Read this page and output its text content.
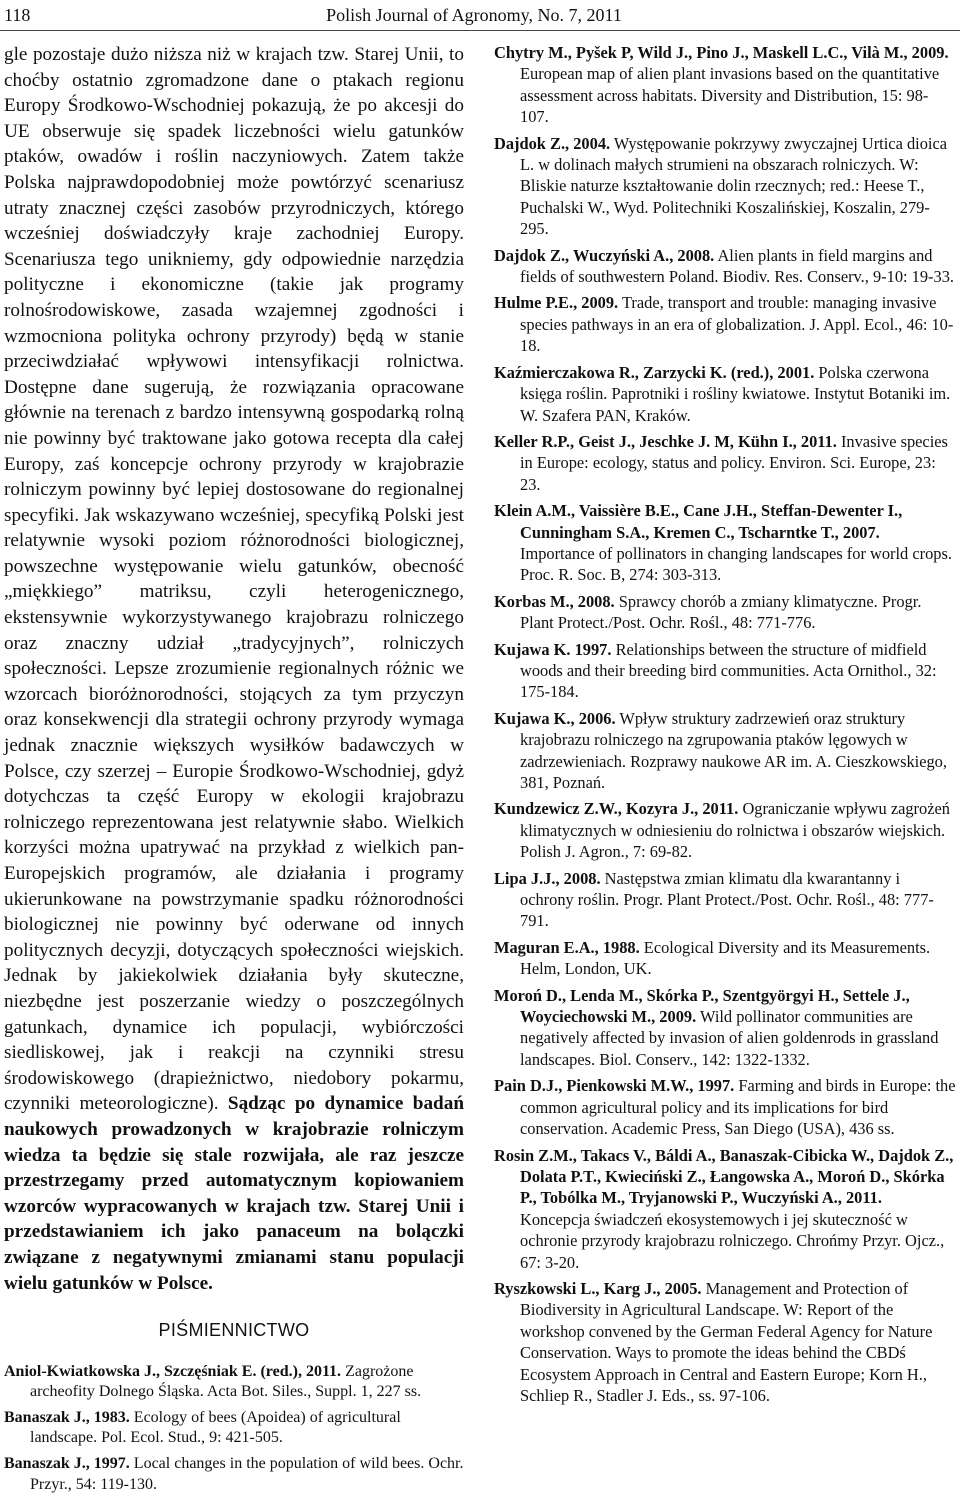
118	Polish Journal of Agronomy, No. 7, 2011

gle pozostaje dużo niższa niż w krajach tzw. Starej Unii, to choćby ostatnio zgromadzone dane o ptakach regionu Europy Środkowo-Wschodniej pokazują, że po akcesji do UE obserwuje się spadek liczebności wielu gatunków ptaków, owadów i roślin naczyniowych. Zatem także Polska najprawdopodobniej może powtórzyć scenariusz utraty znacznej części zasobów przyrodniczych, którego wcześniej doświadczyły kraje zachodniej Europy. Scenariusza tego unikniemy, gdy odpowiednie narzędzia polityczne i ekonomiczne (takie jak programy rolnośrodowiskowe, zasada wzajemnej zgodności i wzmocniona polityka ochrony przyrody) będą w stanie przeciwdziałać wpływowi intensyfikacji rolnictwa. Dostępne dane sugerują, że rozwiązania opracowane głównie na terenach z bardzo intensywną gospodarką rolną nie powinny być traktowane jako gotowa recepta dla całej Europy, zaś koncepcje ochrony przyrody w krajobrazie rolniczym powinny być lepiej dostosowane do regionalnej specyfiki. Jak wskazywano wcześniej, specyfiką Polski jest relatywnie wysoki poziom różnorodności biologicznej, powszechne występowanie wielu gatunków, obecność „miękkiego” matriksu, czyli heterogenicznego, ekstensywnie wykorzystywanego krajobrazu rolniczego oraz znaczny udział „tradycyjnych”, rolniczych społeczności. Lepsze zrozumienie regionalnych różnic we wzorcach bioróżnorodności, stojących za tym przyczyn oraz konsekwencji dla strategii ochrony przyrody wymaga jednak znacznie większych wysiłków badawczych w Polsce, czy szerzej – Europie Środkowo-Wschodniej, gdyż dotychczas ta część Europy w ekologii krajobrazu rolniczego reprezentowana jest relatywnie słabo. Wielkich korzyści można upatrywać na przykład z wielkich pan-Europejskich programów, ale działania i programy ukierunkowane na powstrzymanie spadku różnorodności biologicznej nie powinny być oderwane od innych politycznych decyzji, dotyczących społeczności wiejskich. Jednak by jakiekolwiek działania były skuteczne, niezbędne jest poszerzanie wiedzy o poszczególnych gatunkach, dynamice ich populacji, wybiórczości siedliskowej, jak i reakcji na czynniki stresu środowiskowego (drapieżnictwo, niedobory pokarmu, czynniki meteorologiczne). Sądząc po dynamice badań naukowych prowadzonych w krajobrazie rolniczym wiedza ta będzie się stale rozwijała, ale raz jeszcze przestrzegamy przed automatycznym kopiowaniem wzorców wypracowanych w krajach tzw. Starej Unii i przedstawianiem ich jako panaceum na bolączki związane z negatywnymi zmianami stanu populacji wielu gatunków w Polsce.

PIŚMIENNICTWO

Aniol-Kwiatkowska J., Szczęśniak E. (red.), 2011. Zagrożone archeofity Dolnego Śląska. Acta Bot. Siles., Suppl. 1, 227 ss.

Banaszak J., 1983. Ecology of bees (Apoidea) of agricultural landscape. Pol. Ecol. Stud., 9: 421-505.

Banaszak J., 1997. Local changes in the population of wild bees. Ochr. Przyr., 54: 119-130.

Chytry M., Pyšek P, Wild J., Pino J., Maskell L.C., Vilà M., 2009. European map of alien plant invasions based on the quantitative assessment across habitats. Diversity and Distribution, 15: 98-107.

Dajdok Z., 2004. Występowanie pokrzywy zwyczajnej Urtica dioica L. w dolinach małych strumieni na obszarach rolniczych. W: Bliskie naturze kształtowanie dolin rzecznych; red.: Heese T., Puchalski W., Wyd. Politechniki Koszalińskiej, Koszalin, 279-295.

Dajdok Z., Wuczyński A., 2008. Alien plants in field margins and fields of southwestern Poland. Biodiv. Res. Conserv., 9-10: 19-33.

Hulme P.E., 2009. Trade, transport and trouble: managing invasive species pathways in an era of globalization. J. Appl. Ecol., 46: 10-18.

Kaźmierczakowa R., Zarzycki K. (red.), 2001. Polska czerwona księga roślin. Paprotniki i rośliny kwiatowe. Instytut Botaniki im. W. Szafera PAN, Kraków.

Keller R.P., Geist J., Jeschke J. M, Kühn I., 2011. Invasive species in Europe: ecology, status and policy. Environ. Sci. Europe, 23: 23.

Klein A.M., Vaissière B.E., Cane J.H., Steffan-Dewenter I., Cunningham S.A., Kremen C., Tscharntke T., 2007. Importance of pollinators in changing landscapes for world crops. Proc. R. Soc. B, 274: 303-313.

Korbas M., 2008. Sprawcy chorób a zmiany klimatyczne. Progr. Plant Protect./Post. Ochr. Rośl., 48: 771-776.

Kujawa K. 1997. Relationships between the structure of midfield woods and their breeding bird communities. Acta Ornithol., 32: 175-184.

Kujawa K., 2006. Wpływ struktury zadrzewień oraz struktury krajobrazu rolniczego na zgrupowania ptaków lęgowych w zadrzewieniach. Rozprawy naukowe AR im. A. Cieszkowskiego, 381, Poznań.

Kundzewicz Z.W., Kozyra J., 2011. Ograniczanie wpływu zagrożeń klimatycznych w odniesieniu do rolnictwa i obszarów wiejskich. Polish J. Agron., 7: 69-82.

Lipa J.J., 2008. Następstwa zmian klimatu dla kwarantanny i ochrony roślin. Progr. Plant Protect./Post. Ochr. Rośl., 48: 777-791.

Maguran E.A., 1988. Ecological Diversity and its Measurements. Helm, London, UK.

Moroń D., Lenda M., Skórka P., Szentgyörgyi H., Settele J., Woyciechowski M., 2009. Wild pollinator communities are negatively affected by invasion of alien goldenrods in grassland landscapes. Biol. Conserv., 142: 1322-1332.

Pain D.J., Pienkowski M.W., 1997. Farming and birds in Europe: the common agricultural policy and its implications for bird conservation. Academic Press, San Diego (USA), 436 ss.

Rosin Z.M., Takacs V., Báldi A., Banaszak-Cibicka W., Dajdok Z., Dolata P.T., Kwieciński Z., Łangowska A., Moroń D., Skórka P., Tobólka M., Tryjanowski P., Wuczyński A., 2011. Koncepcja świadczeń ekosystemowych i jej skuteczność w ochronie przyrody krajobrazu rolniczego. Chrońmy Przyr. Ojcz., 67: 3-20.

Ryszkowski L., Karg J., 2005. Management and Protection of Biodiversity in Agricultural Landscape. W: Report of the workshop convened by the German Federal Agency for Nature Conservation. Ways to promote the ideas behind the CBDś Ecosystem Approach in Central and Eastern Europe; Korn H., Schliep R., Stadler J. Eds., ss. 97-106.
